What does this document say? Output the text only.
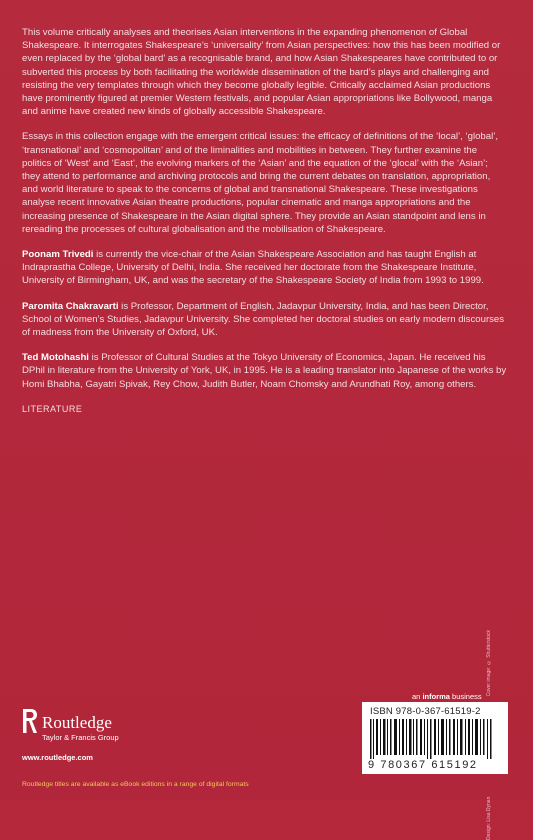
This volume critically analyses and theorises Asian interventions in the expanding phenomenon of Global Shakespeare. It interrogates Shakespeare’s ‘universality’ from Asian perspectives: how this has been modified or even replaced by the ‘global bard’ as a recognisable brand, and how Asian Shakespeares have contributed to or subverted this process by both facilitating the worldwide dissemination of the bard’s plays and challenging and resisting the very templates through which they become globally legible. Critically acclaimed Asian productions have prominently figured at premier Western festivals, and popular Asian appropriations like Bollywood, manga and anime have created new kinds of globally accessible Shakespeare.

Essays in this collection engage with the emergent critical issues: the efficacy of definitions of the ‘local’, ‘global’, ‘transnational’ and ‘cosmopolitan’ and of the liminalities and mobilities in between. They further examine the politics of ‘West’ and ‘East’, the evolving markers of the ‘Asian’ and the equation of the ‘glocal’ with the ‘Asian’; they attend to performance and archiving protocols and bring the current debates on translation, appropriation, and world literature to speak to the concerns of global and transnational Shakespeare. These investigations analyse recent innovative Asian theatre productions, popular cinematic and manga appropriations and the increasing presence of Shakespeare in the Asian digital sphere. They provide an Asian standpoint and lens in rereading the processes of cultural globalisation and the mobilisation of Shakespeare.

Poonam Trivedi is currently the vice-chair of the Asian Shakespeare Association and has taught English at Indraprastha College, University of Delhi, India. She received her doctorate from the Shakespeare Institute, University of Birmingham, UK, and was the secretary of the Shakespeare Society of India from 1993 to 1999.

Paromita Chakravarti is Professor, Department of English, Jadavpur University, India, and has been Director, School of Women’s Studies, Jadavpur University. She completed her doctoral studies on early modern discourses of madness from the University of Oxford, UK.

Ted Motohashi is Professor of Cultural Studies at the Tokyo University of Economics, Japan. He received his DPhil in literature from the University of York, UK, in 1995. He is a leading translator into Japanese of the works by Homi Bhabha, Gayatri Spivak, Rey Chow, Judith Butler, Noam Chomsky and Arundhati Roy, among others.

LITERATURE
Cover image: © Shutterstock
Design: Lisa Dynan
an informa business
ISBN 978-0-367-61519-2
9 780367 615192
Routledge
Taylor & Francis Group
www.routledge.com
Routledge titles are available as eBook editions in a range of digital formats
